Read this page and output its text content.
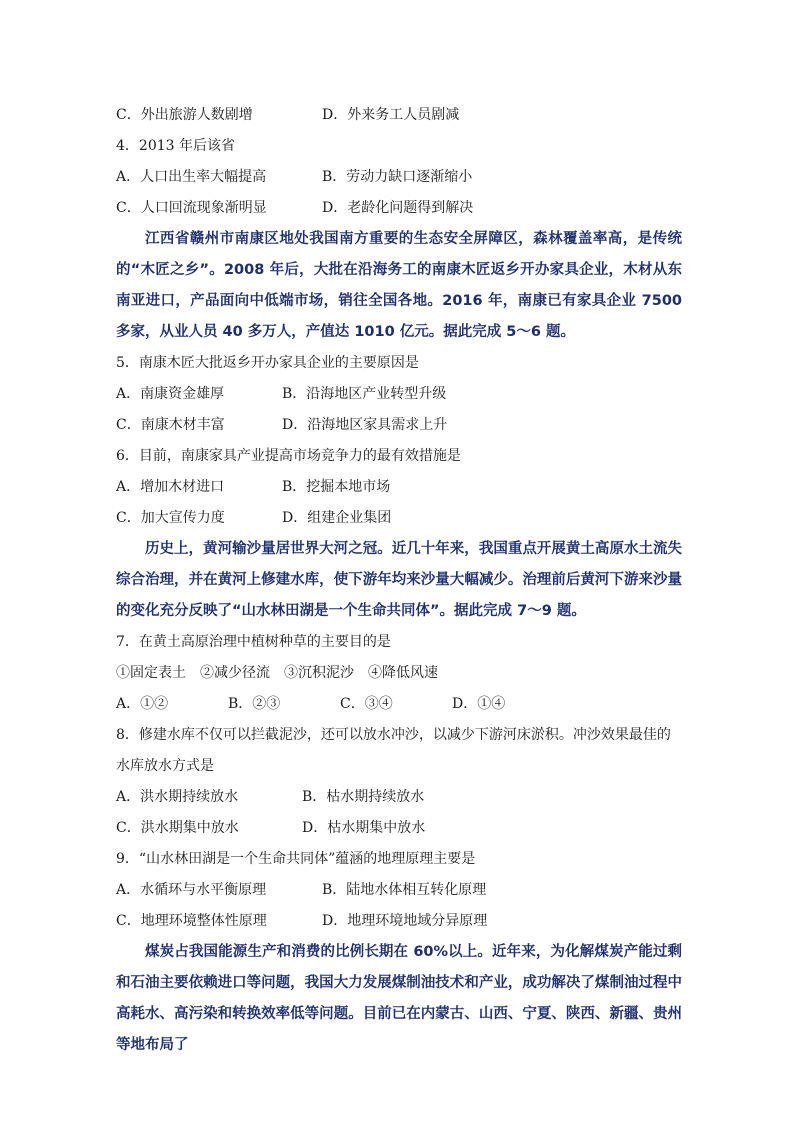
C．外出旅游人数剧增	D．外来务工人员剧减
4．2013 年后该省
A．人口出生率大幅提高	B．劳动力缺口逐渐缩小
C．人口回流现象渐明显	D．老龄化问题得到解决

江西省赣州市南康区地处我国南方重要的生态安全屏障区，森林覆盖率高，是传统的“木匠之乡”。2008 年后，大批在沿海务工的南康木匠返乡开办家具企业，木材从东南亚进口，产品面向中低端市场，销往全国各地。2016 年，南康已有家具企业 7500 多家，从业人员 40 多万人，产值达 1010 亿元。据此完成 5～6 题。

5．南康木匠大批返乡开办家具企业的主要原因是
A．南康资金雄厚	B．沿海地区产业转型升级
C．南康木材丰富	D．沿海地区家具需求上升
6．目前，南康家具产业提高市场竞争力的最有效措施是
A．增加木材进口	B．挖掘本地市场
C．加大宣传力度	D．组建企业集团

历史上，黄河输沙量居世界大河之冠。近几十年来，我国重点开展黄土高原水土流失综合治理，并在黄河上修建水库，使下游年均来沙量大幅减少。治理前后黄河下游来沙量的变化充分反映了“山水林田湖是一个生命共同体”。据此完成 7～9 题。

7．在黄土高原治理中植树种草的主要目的是
①固定表土　②减少径流　③沉积泥沙　④降低风速
A．①②	B．②③	C．③④	D．①④
8．修建水库不仅可以拦截泥沙，还可以放水冲沙，以减少下游河床淤积。冲沙效果最佳的水库放水方式是
A．洪水期持续放水	B．枯水期持续放水
C．洪水期集中放水	D．枯水期集中放水
9．“山水林田湖是一个生命共同体”蕴涵的地理原理主要是
A．水循环与水平衡原理	B．陆地水体相互转化原理
C．地理环境整体性原理	D．地理环境地域分异原理

煤炭占我国能源生产和消费的比例长期在 60%以上。近年来，为化解煤炭产能过剩和石油主要依赖进口等问题，我国大力发展煤制油技术和产业，成功解决了煤制油过程中高耗水、高污染和转换效率低等问题。目前已在内蒙古、山西、宁夏、陕西、新疆、贵州等地布局了
